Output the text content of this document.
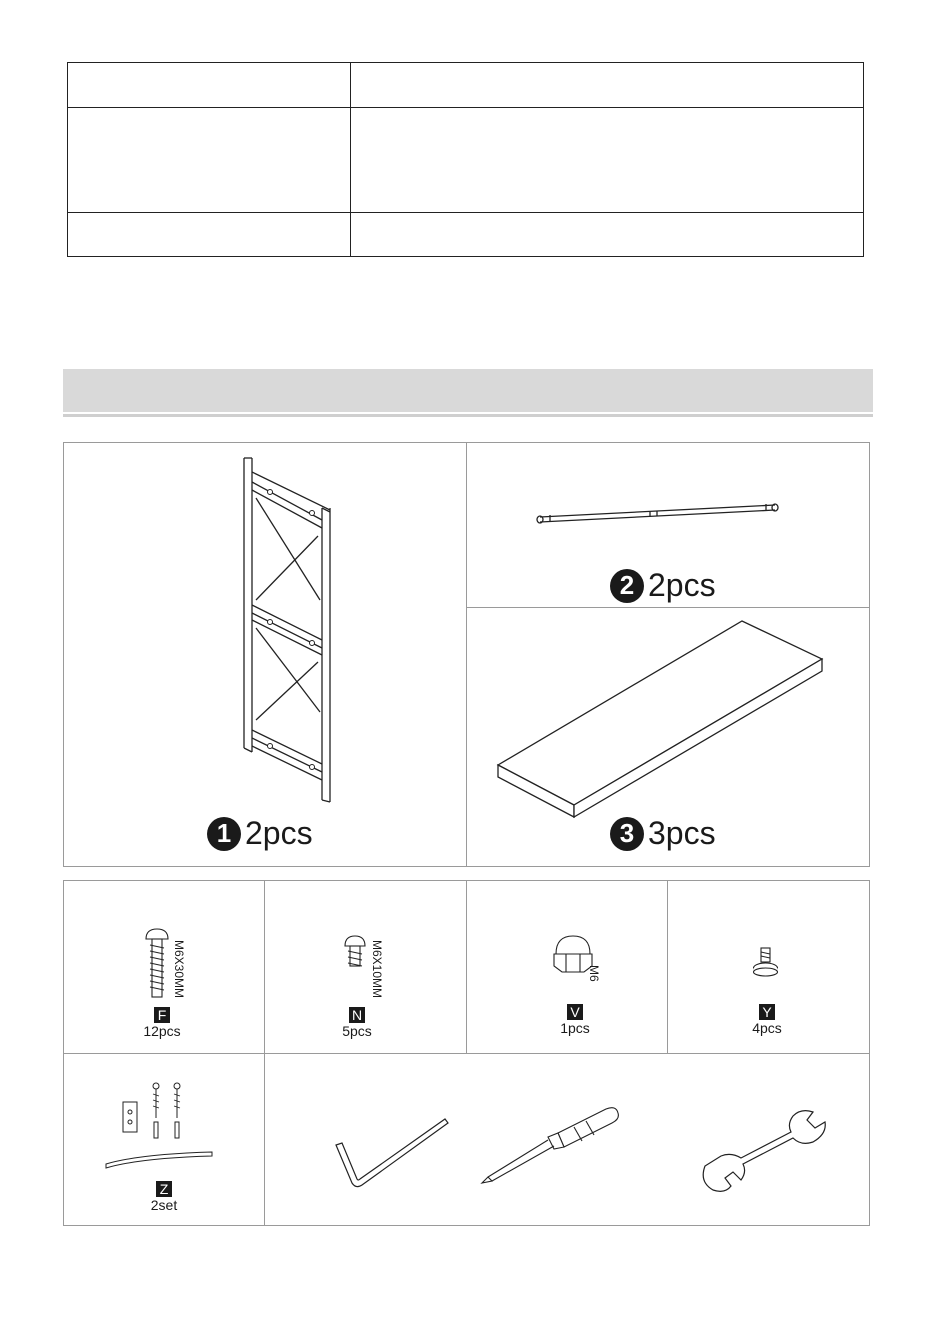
1 2pcs
2 2pcs
3 3pcs
M6X30MM
F
12pcs
M6X10MM
N
5pcs
M6
V
1pcs
Y
4pcs
Z
2set
